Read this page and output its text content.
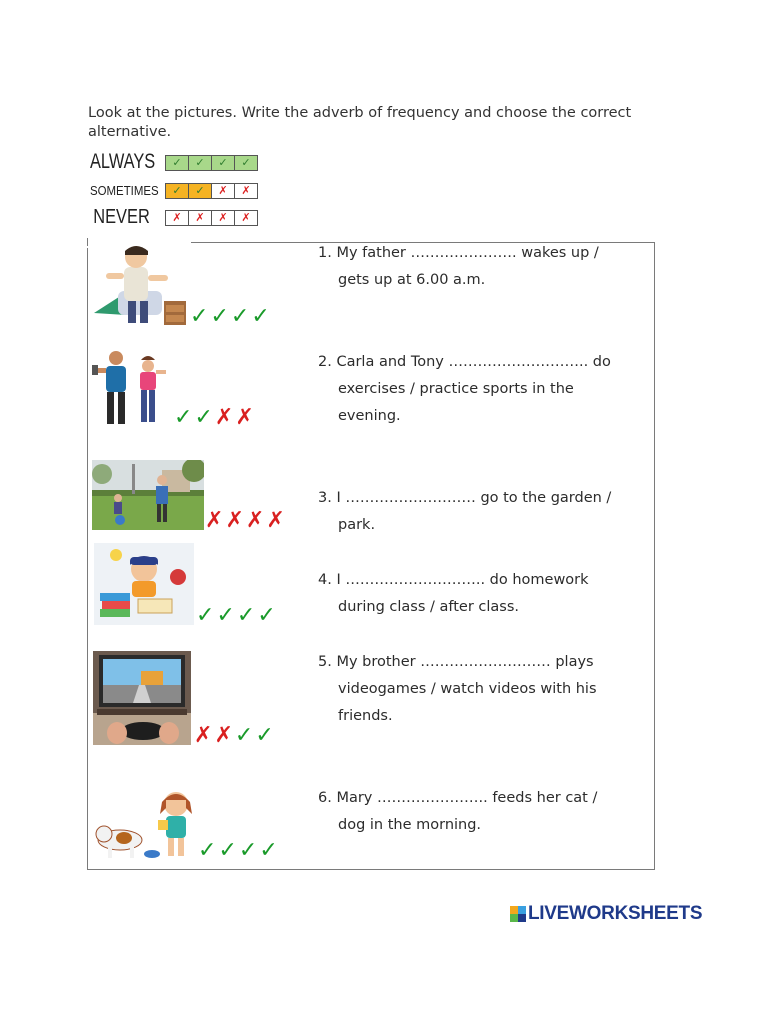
Look at the pictures. Write the adverb of frequency and choose the correct alternative.
ALWAYS	✓	✓	✓	✓
SOMETIMES	✓	✓	✗	✗
NEVER	✗	✗	✗	✗
✓ ✓ ✓ ✓
1. My father …………………. wakes up /
gets up at 6.00 a.m.
✓ ✓ ✗ ✗
2. Carla and Tony ……………………….. do
exercises / practice sports in the
evening.
✗ ✗ ✗ ✗
3. I ……………………… go to the garden /
park.
✓ ✓ ✓ ✓
4. I ……………………….. do homework
during class / after class.
✗ ✗ ✓ ✓
5. My brother ……………………… plays
videogames / watch videos with his
friends.
✓ ✓ ✓ ✓
6. Mary ………………….. feeds her cat /
dog in the morning.
LIVEWORKSHEETS
